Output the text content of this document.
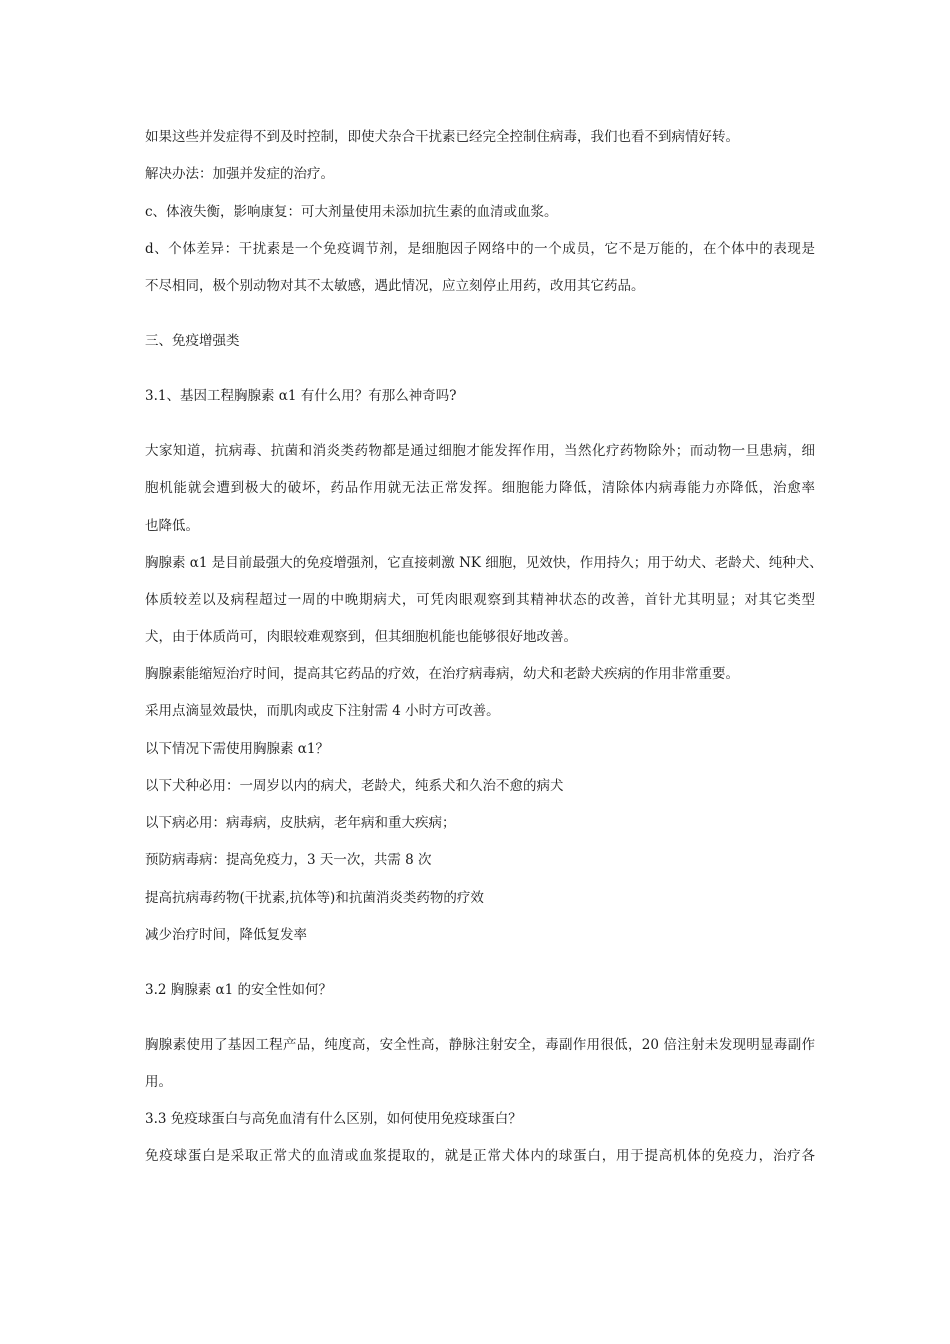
如果这些并发症得不到及时控制，即使犬杂合干扰素已经完全控制住病毒，我们也看不到病情好转。
解决办法：加强并发症的治疗。
c、体液失衡，影响康复：可大剂量使用未添加抗生素的血清或血浆。
d、个体差异：干扰素是一个免疫调节剂，是细胞因子网络中的一个成员，它不是万能的，在个体中的表现是
不尽相同，极个别动物对其不太敏感，遇此情况，应立刻停止用药，改用其它药品。
三、免疫增强类
3.1、基因工程胸腺素 α1 有什么用？有那么神奇吗?
大家知道，抗病毒、抗菌和消炎类药物都是通过细胞才能发挥作用，当然化疗药物除外；而动物一旦患病，细
胞机能就会遭到极大的破坏，药品作用就无法正常发挥。细胞能力降低，清除体内病毒能力亦降低，治愈率
也降低。
胸腺素 α1 是目前最强大的免疫增强剂，它直接刺激 NK 细胞，见效快，作用持久；用于幼犬、老龄犬、纯种犬、
体质较差以及病程超过一周的中晚期病犬，可凭肉眼观察到其精神状态的改善，首针尤其明显；对其它类型
犬，由于体质尚可，肉眼较难观察到，但其细胞机能也能够很好地改善。
胸腺素能缩短治疗时间，提高其它药品的疗效，在治疗病毒病，幼犬和老龄犬疾病的作用非常重要。
采用点滴显效最快，而肌肉或皮下注射需 4 小时方可改善。
以下情况下需使用胸腺素 α1？
以下犬种必用：一周岁以内的病犬，老龄犬，纯系犬和久治不愈的病犬
以下病必用：病毒病，皮肤病，老年病和重大疾病；
预防病毒病：提高免疫力，3 天一次，共需 8 次
提高抗病毒药物(干扰素,抗体等)和抗菌消炎类药物的疗效
减少治疗时间，降低复发率
3.2 胸腺素 α1 的安全性如何？
胸腺素使用了基因工程产品，纯度高，安全性高，静脉注射安全，毒副作用很低，20 倍注射未发现明显毒副作
用。
3.3 免疫球蛋白与高免血清有什么区别，如何使用免疫球蛋白？
免疫球蛋白是采取正常犬的血清或血浆提取的，就是正常犬体内的球蛋白，用于提高机体的免疫力，治疗各
